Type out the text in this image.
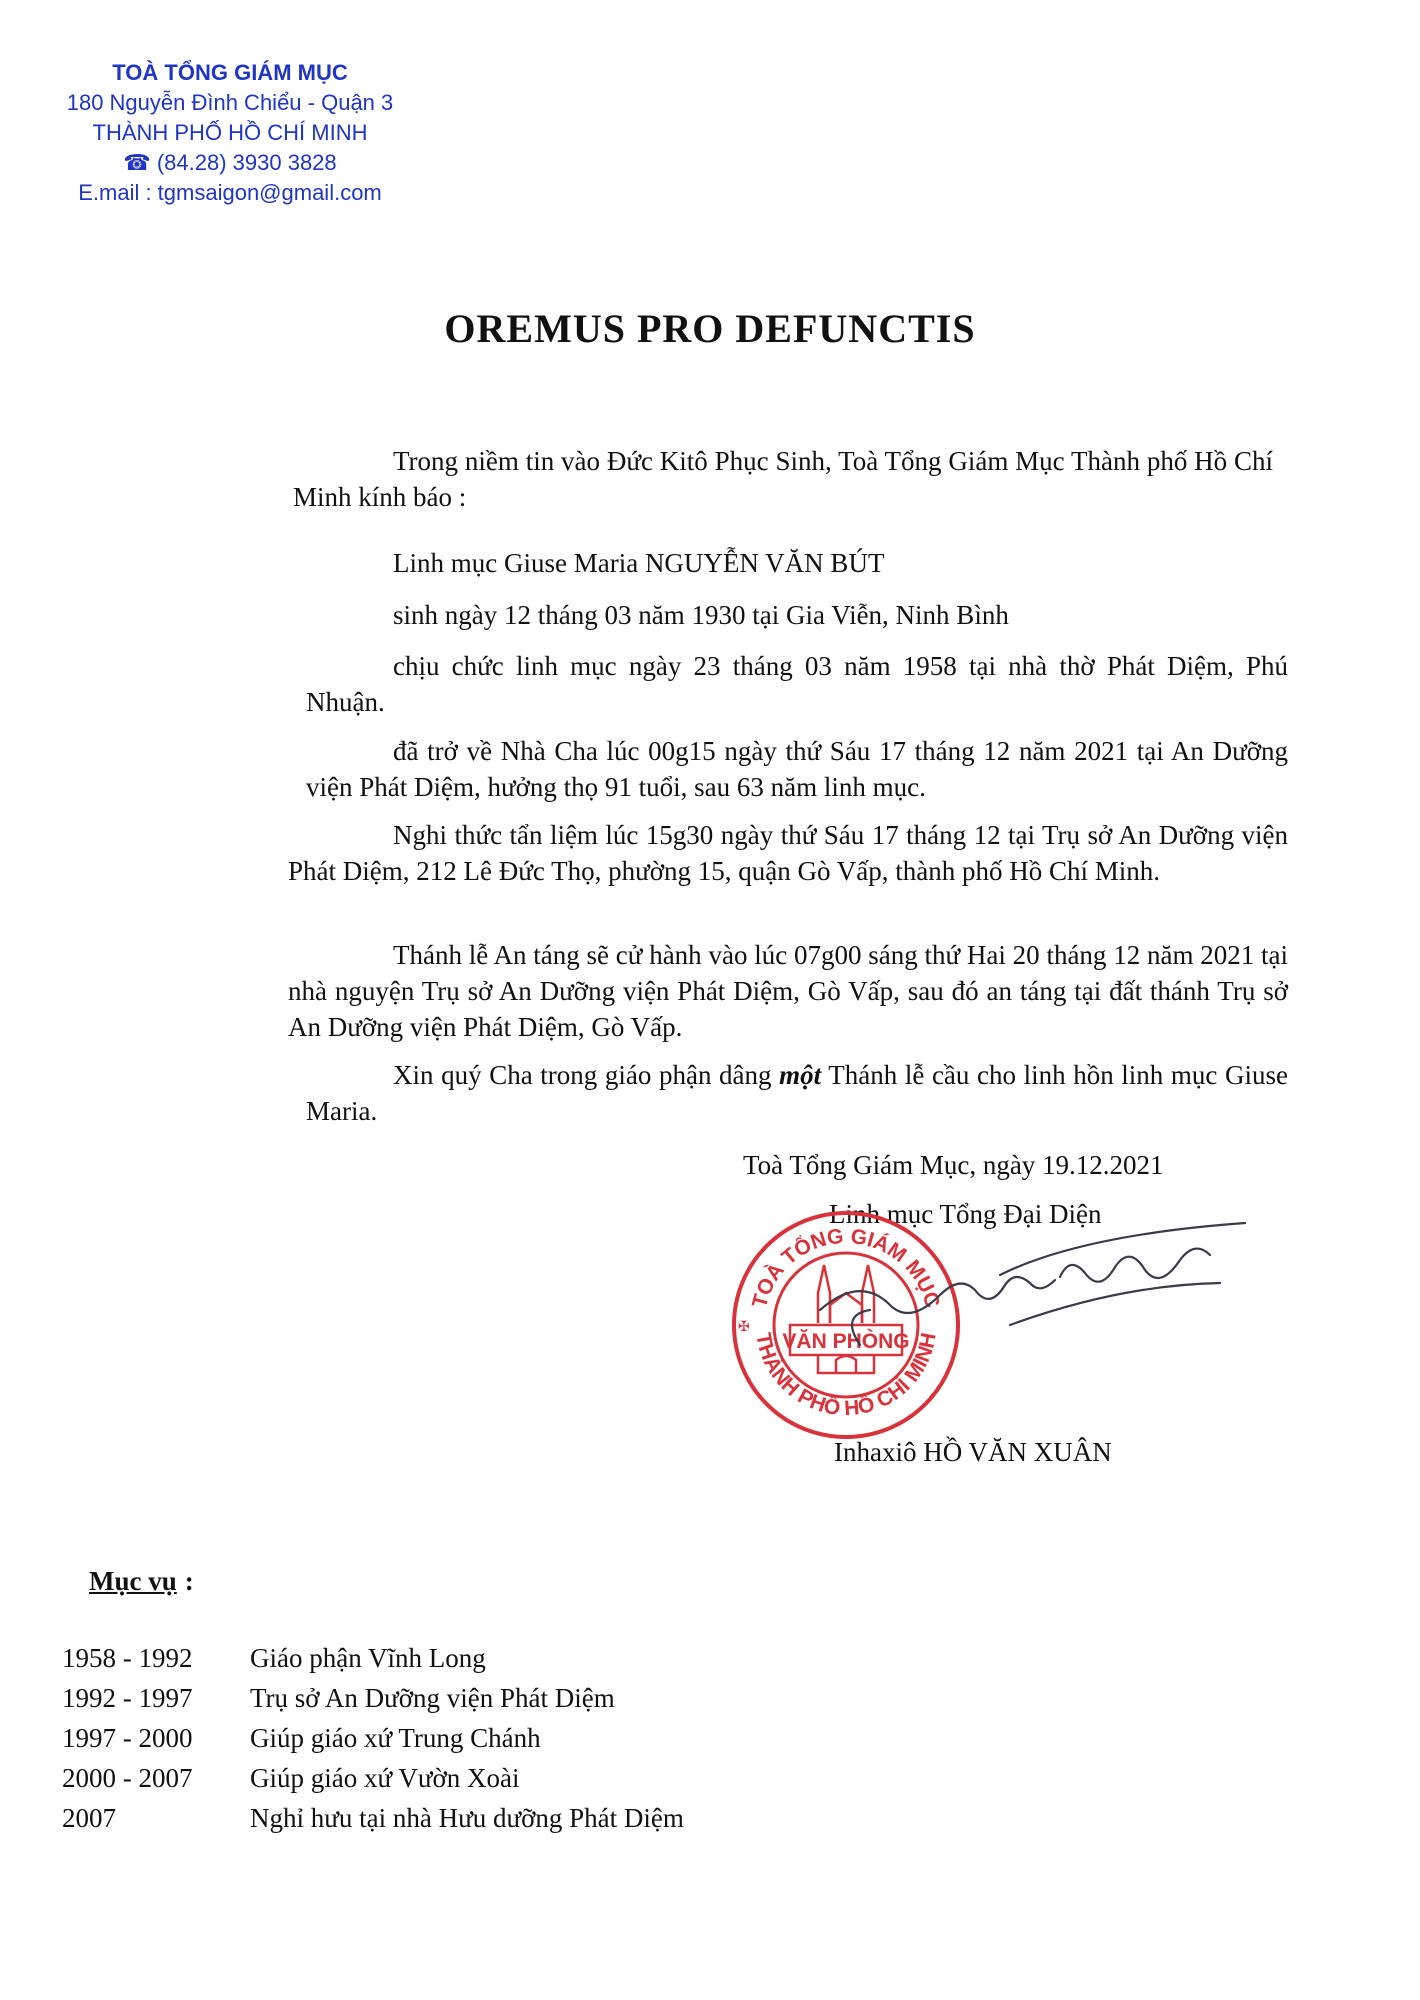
TOÀ TỔNG GIÁM MỤC
180 Nguyễn Đình Chiểu - Quận 3
THÀNH PHỐ HỒ CHÍ MINH
☎ (84.28) 3930 3828
E.mail : tgmsaigon@gmail.com
OREMUS PRO DEFUNCTIS
Trong niềm tin vào Đức Kitô Phục Sinh, Toà Tổng Giám Mục Thành phố Hồ Chí Minh kính báo :
Linh mục Giuse Maria NGUYỄN VĂN BÚT
sinh ngày 12 tháng 03 năm 1930 tại Gia Viễn, Ninh Bình
chịu chức linh mục ngày 23 tháng 03 năm 1958 tại nhà thờ Phát Diệm, Phú Nhuận.
đã trở về Nhà Cha lúc 00g15 ngày thứ Sáu 17 tháng 12 năm 2021 tại An Dưỡng viện Phát Diệm, hưởng thọ 91 tuổi, sau 63 năm linh mục.
Nghi thức tẩn liệm lúc 15g30 ngày thứ Sáu 17 tháng 12 tại Trụ sở An Dưỡng viện Phát Diệm, 212 Lê Đức Thọ, phường 15, quận Gò Vấp, thành phố Hồ Chí Minh.
Thánh lễ An táng sẽ cử hành vào lúc 07g00 sáng thứ Hai 20 tháng 12 năm 2021 tại nhà nguyện Trụ sở An Dưỡng viện Phát Diệm, Gò Vấp, sau đó an táng tại đất thánh Trụ sở An Dưỡng viện Phát Diệm, Gò Vấp.
Xin quý Cha trong giáo phận dâng một Thánh lễ cầu cho linh hồn linh mục Giuse Maria.
Toà Tổng Giám Mục, ngày 19.12.2021
Linh mục Tổng Đại Diện
TOÀ TỔNG GIÁM MỤC
THÀNH PHỐ HỒ CHÍ MINH
VĂN PHÒNG
✠
Inhaxiô HỒ VĂN XUÂN
Mục vụ :
1958 - 1992 Giáo phận Vĩnh Long
1992 - 1997 Trụ sở An Dưỡng viện Phát Diệm
1997 - 2000 Giúp giáo xứ Trung Chánh
2000 - 2007 Giúp giáo xứ Vườn Xoài
2007	Nghỉ hưu tại nhà Hưu dưỡng Phát Diệm
